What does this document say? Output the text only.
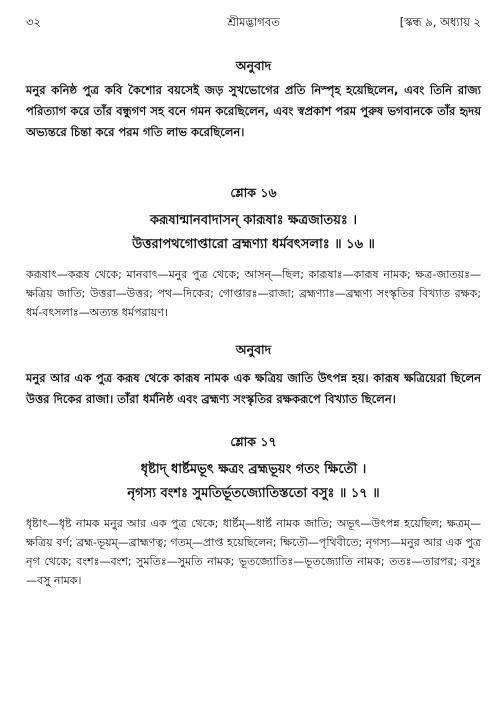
৩২	শ্রীমদ্ভাগবত	[স্কন্ধ ৯, অধ্যায় ২

অনুবাদ

মনুর কনিষ্ঠ পুত্র কবি কৈশোর বয়সেই জড় সুখভোগের প্রতি নিস্পৃহ হয়েছিলেন, এবং তিনি রাজ্য পরিত্যাগ করে তাঁর বন্ধুগণ সহ বনে গমন করেছিলেন, এবং স্বপ্রকাশ পরম পুরুষ ভগবানকে তাঁর হৃদয় অভ্যন্তরে চিন্তা করে পরম গতি লাভ করেছিলেন।

শ্লোক ১৬

করূষান্মানবাদাসন্ কারূষাঃ ক্ষত্রজাতয়ঃ ।

উত্তরাপথগোপ্তারো ব্রহ্মণ্যা ধর্মবৎসলাঃ ॥ ১৬ ॥

করূষাৎ—করূষ থেকে; মানবাৎ—মনুর পুত্র থেকে; আসন্—ছিল; কারূষাঃ—কারূষ নামক; ক্ষত্র-জাতয়ঃ—ক্ষত্রিয় জাতি; উত্তরা—উত্তর; পথ—দিকের; গোপ্তারঃ—রাজা; ব্রহ্মণ্যাঃ—ব্রহ্মণ্য সংস্কৃতির বিখ্যাত রক্ষক; ধর্ম-বৎসলাঃ—অত্যন্ত ধর্মপরায়ণ।

অনুবাদ

মনুর আর এক পুত্র করূষ থেকে কারূষ নামক এক ক্ষত্রিয় জাতি উৎপন্ন হয়। কারূষ ক্ষত্রিয়েরা ছিলেন উত্তর দিকের রাজা। তাঁরা ধর্মনিষ্ঠ এবং ব্রহ্মণ্য সংস্কৃতির রক্ষকরূপে বিখ্যাত ছিলেন।

শ্লোক ১৭

ধৃষ্টাদ্ ধার্ষ্টমভূৎ ক্ষত্রং ব্রহ্মভূয়ং গতং ক্ষিতৌ ।

নৃগস্য বংশঃ সুমতির্ভূতজ্যোতিস্ততো বসুঃ ॥ ১৭ ॥

ধৃষ্টাৎ—ধৃষ্ট নামক মনুর আর এক পুত্র থেকে; ধার্ষ্টম্—ধার্ষ্ট নামক জাতি; অভূৎ—উৎপন্ন হয়েছিল; ক্ষত্রম্—ক্ষত্রিয় বর্ণ; ব্রহ্ম-ভূয়ম্—ব্রাহ্মণত্ব; গতম্—প্রাপ্ত হয়েছিলেন; ক্ষিতৌ—পৃথিবীতে; নৃগস্য—মনুর আর এক পুত্র নৃগ থেকে; বংশঃ—বংশ; সুমতিঃ—সুমতি নামক; ভূতজ্যোতিঃ—ভূতজ্যোতি নামক; ততঃ—তারপর; বসুঃ—বসু নামক।
